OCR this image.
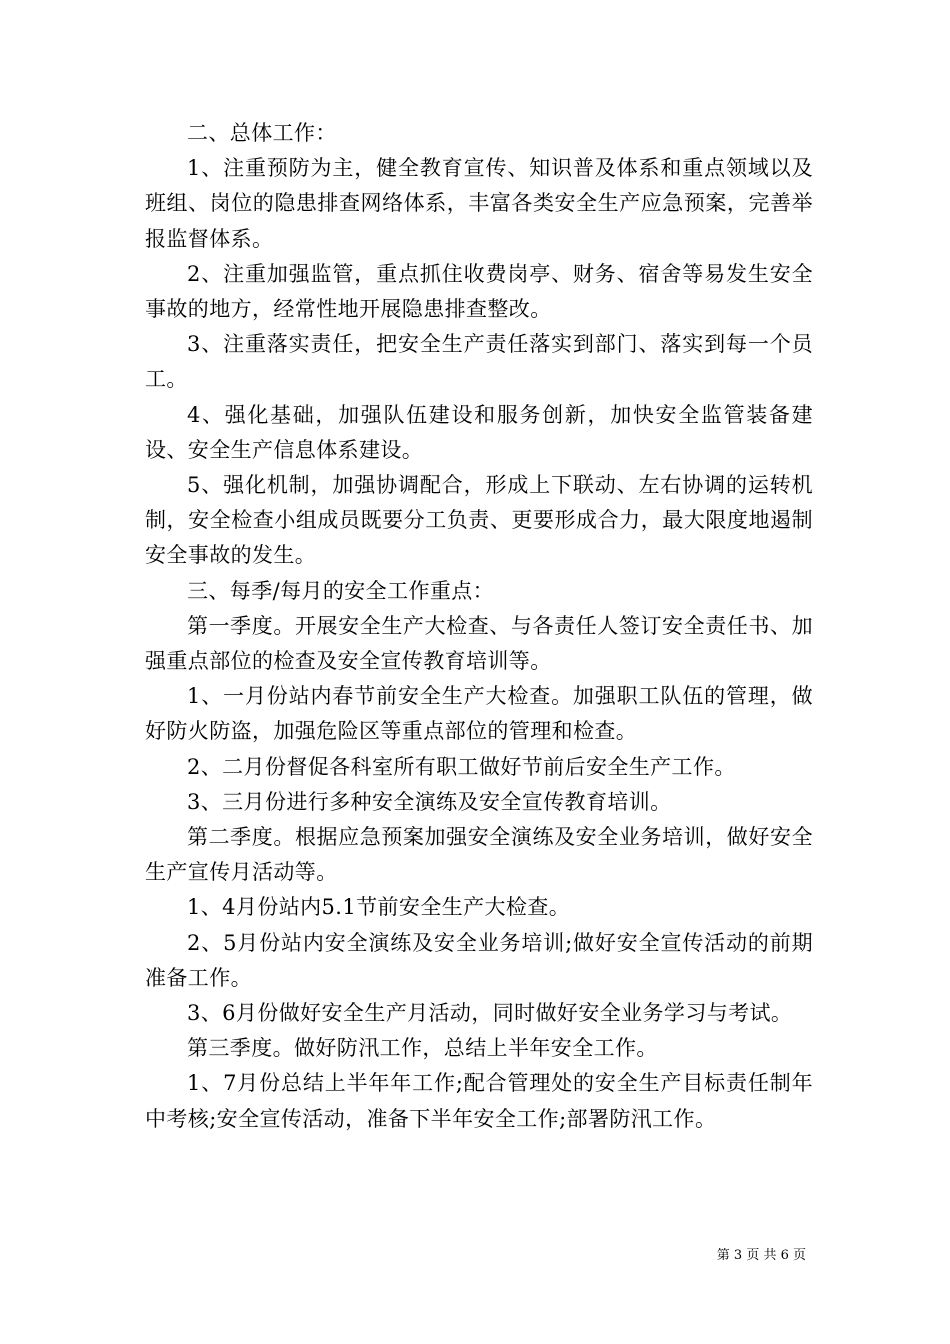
二、总体工作：

1、注重预防为主，健全教育宣传、知识普及体系和重点领域以及班组、岗位的隐患排查网络体系，丰富各类安全生产应急预案，完善举报监督体系。

2、注重加强监管，重点抓住收费岗亭、财务、宿舍等易发生安全事故的地方，经常性地开展隐患排查整改。

3、注重落实责任，把安全生产责任落实到部门、落实到每一个员工。

4、强化基础，加强队伍建设和服务创新，加快安全监管装备建设、安全生产信息体系建设。

5、强化机制，加强协调配合，形成上下联动、左右协调的运转机制，安全检查小组成员既要分工负责、更要形成合力，最大限度地遏制安全事故的发生。

三、每季/每月的安全工作重点：

第一季度。开展安全生产大检查、与各责任人签订安全责任书、加强重点部位的检查及安全宣传教育培训等。

1、一月份站内春节前安全生产大检查。加强职工队伍的管理，做好防火防盗，加强危险区等重点部位的管理和检查。

2、二月份督促各科室所有职工做好节前后安全生产工作。

3、三月份进行多种安全演练及安全宣传教育培训。

第二季度。根据应急预案加强安全演练及安全业务培训，做好安全生产宣传月活动等。

1、4月份站内5.1节前安全生产大检查。

2、5月份站内安全演练及安全业务培训;做好安全宣传活动的前期准备工作。

3、6月份做好安全生产月活动，同时做好安全业务学习与考试。

第三季度。做好防汛工作，总结上半年安全工作。

1、7月份总结上半年年工作;配合管理处的安全生产目标责任制年中考核;安全宣传活动，准备下半年安全工作;部署防汛工作。

第 3 页 共 6 页
